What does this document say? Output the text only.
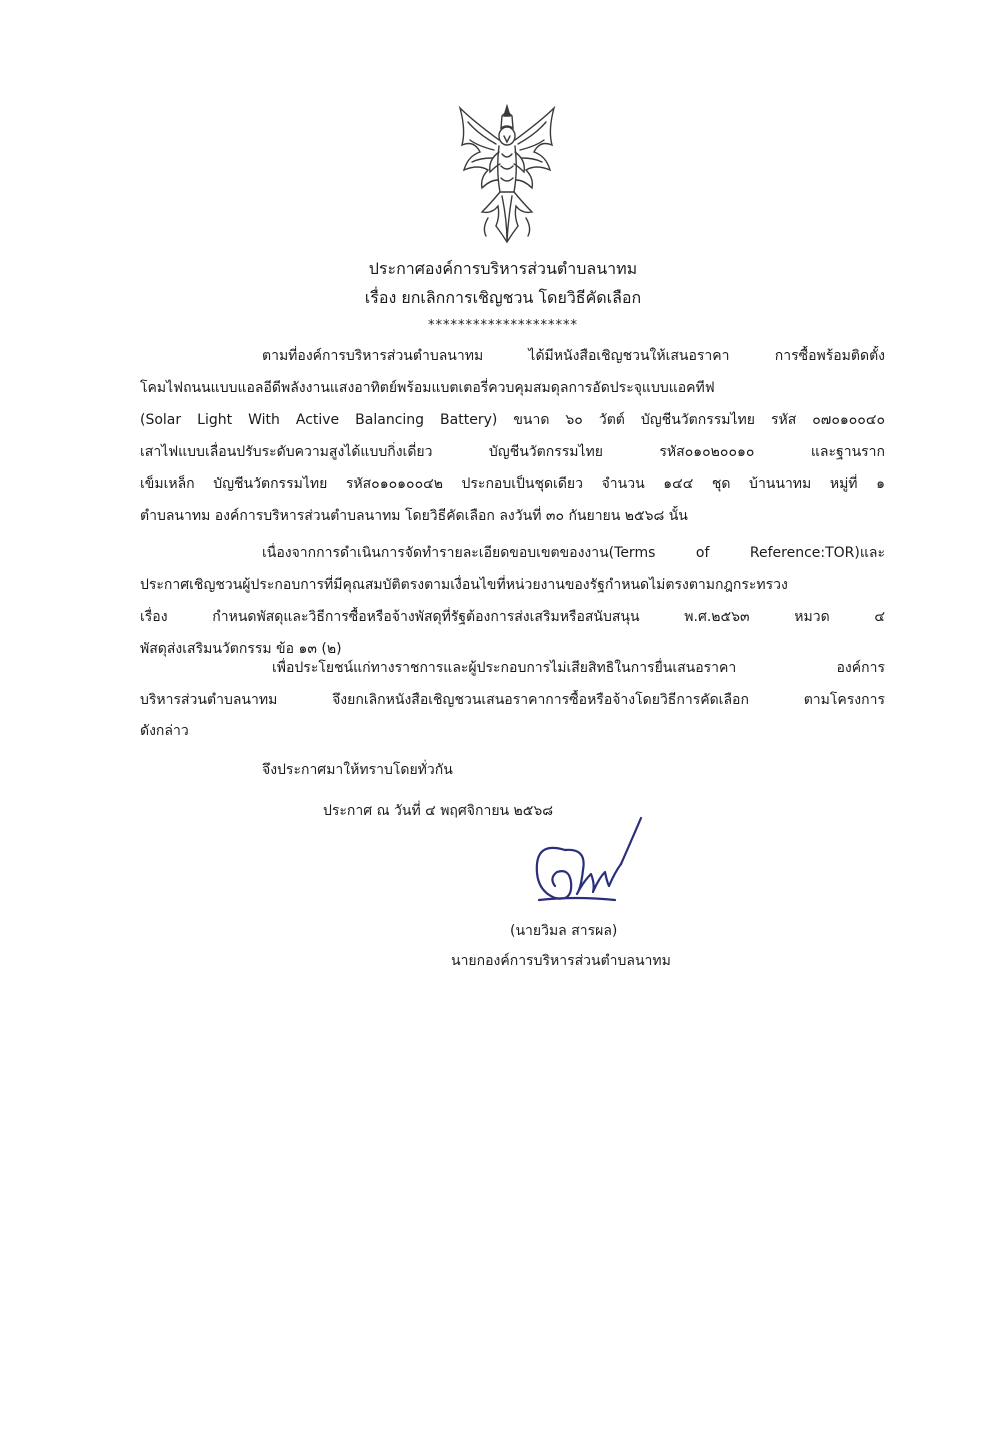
ประกาศองค์การบริหารส่วนตำบลนาทม
เรื่อง ยกเลิกการเชิญชวน โดยวิธีคัดเลือก
********************
ตามที่องค์การบริหารส่วนตำบลนาทม ได้มีหนังสือเชิญชวนให้เสนอราคา การซื้อพร้อมติดตั้ง
โคมไฟถนนแบบแอลอีดีพลังงานแสงอาทิตย์พร้อมแบตเตอรี่ควบคุมสมดุลการอัดประจุแบบแอคทีฟ
(Solar Light With Active Balancing Battery) ขนาด ๖๐ วัตต์ บัญชีนวัตกรรมไทย รหัส ๐๗๐๑๐๐๔๐
เสาไฟแบบเลื่อนปรับระดับความสูงได้แบบกิ่งเดี่ยว บัญชีนวัตกรรมไทย รหัส๐๑๐๒๐๐๑๐ และฐานราก
เข็มเหล็ก บัญชีนวัตกรรมไทย รหัส๐๑๐๑๐๐๔๒ ประกอบเป็นชุดเดียว จำนวน ๑๔๔ ชุด บ้านนาทม หมู่ที่ ๑
ตำบลนาทม องค์การบริหารส่วนตำบลนาทม โดยวิธีคัดเลือก ลงวันที่ ๓๐ กันยายน ๒๕๖๘ นั้น
เนื่องจากการดำเนินการจัดทำรายละเอียดขอบเขตของงาน(Terms of Reference:TOR)และ
ประกาศเชิญชวนผู้ประกอบการที่มีคุณสมบัติตรงตามเงื่อนไขที่หน่วยงานของรัฐกำหนดไม่ตรงตามกฎกระทรวง
เรื่อง กำหนดพัสดุและวิธีการซื้อหรือจ้างพัสดุที่รัฐต้องการส่งเสริมหรือสนับสนุน พ.ศ.๒๕๖๓ หมวด ๔
พัสดุส่งเสริมนวัตกรรม ข้อ ๑๓ (๒)
เพื่อประโยชน์แก่ทางราชการและผู้ประกอบการไม่เสียสิทธิในการยื่นเสนอราคา องค์การ
บริหารส่วนตำบลนาทม จึงยกเลิกหนังสือเชิญชวนเสนอราคาการซื้อหรือจ้างโดยวิธีการคัดเลือก ตามโครงการ
ดังกล่าว
จึงประกาศมาให้ทราบโดยทั่วกัน
ประกาศ ณ วันที่ ๔ พฤศจิกายน ๒๕๖๘
(นายวิมล สารผล)
นายกองค์การบริหารส่วนตำบลนาทม
